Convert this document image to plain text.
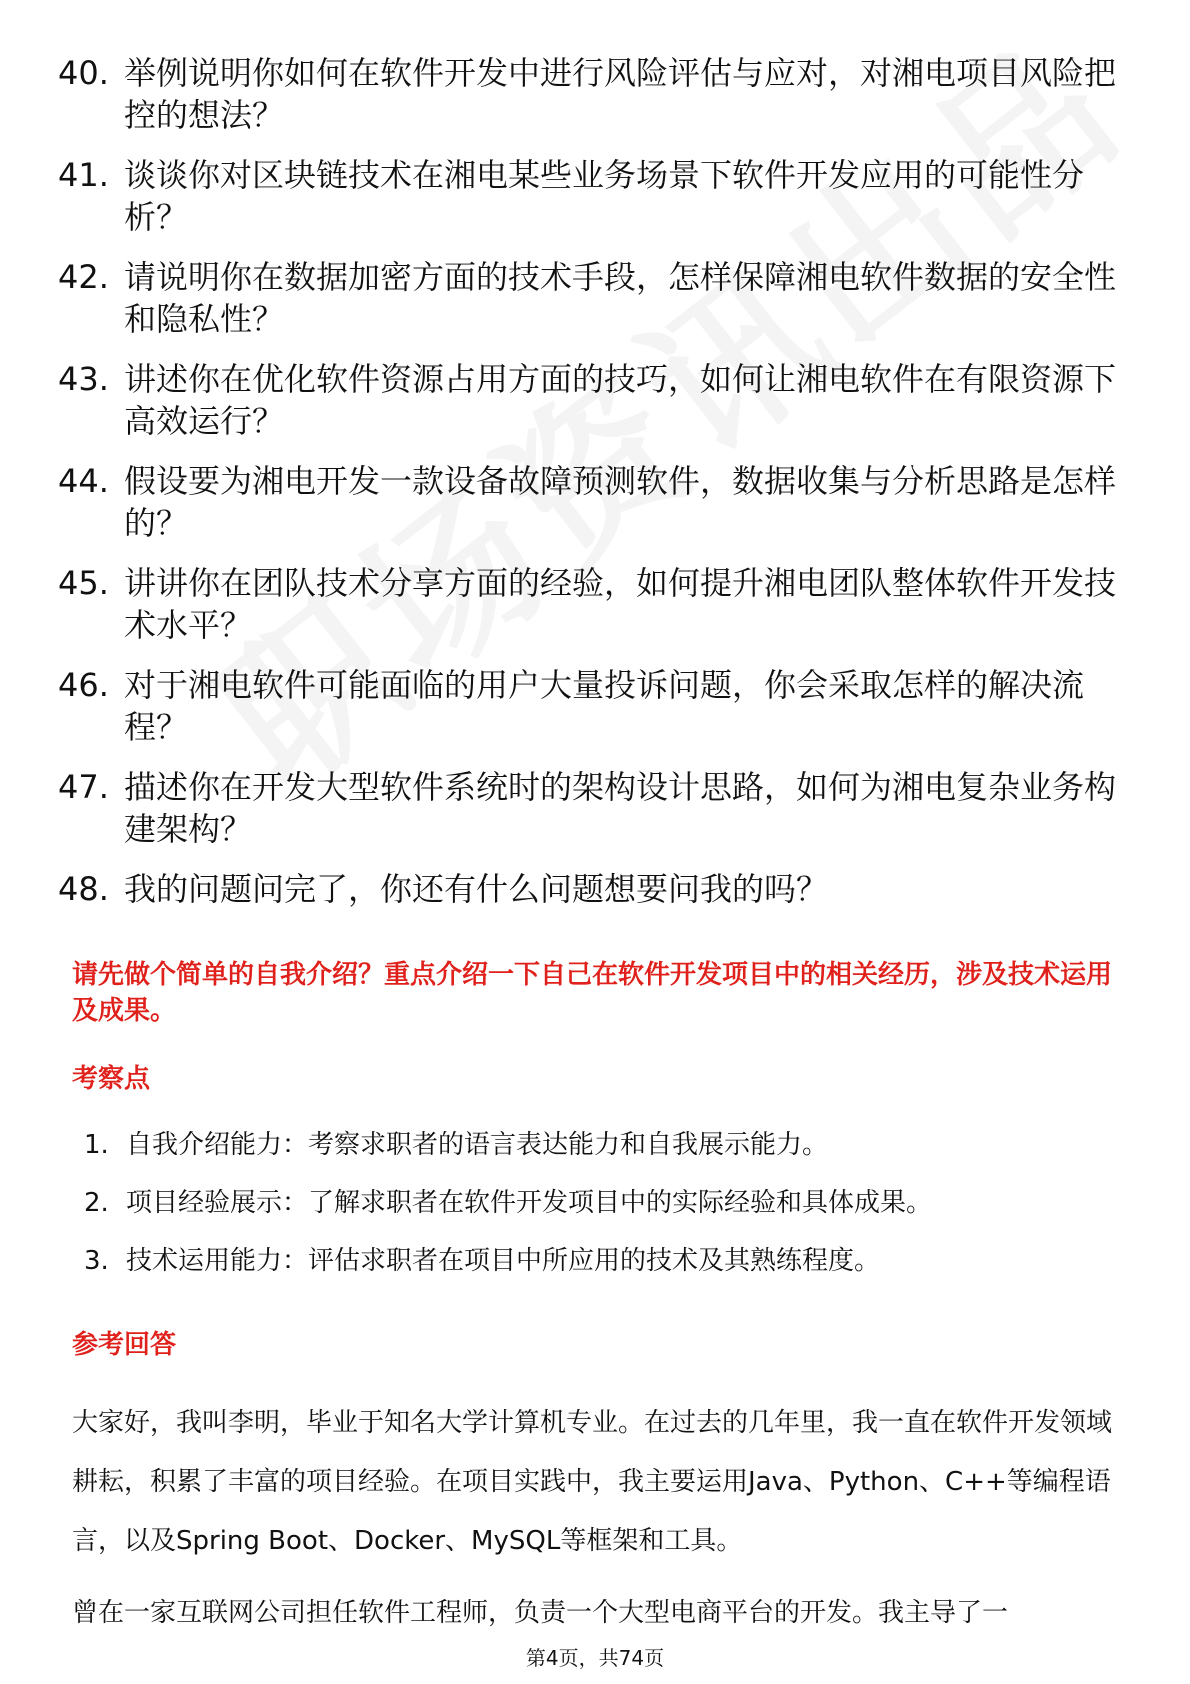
40. 举例说明你如何在软件开发中进行风险评估与应对，对湘电项目风险把控的想法？
41. 谈谈你对区块链技术在湘电某些业务场景下软件开发应用的可能性分析？
42. 请说明你在数据加密方面的技术手段，怎样保障湘电软件数据的安全性和隐私性？
43. 讲述你在优化软件资源占用方面的技巧，如何让湘电软件在有限资源下高效运行？
44. 假设要为湘电开发一款设备故障预测软件，数据收集与分析思路是怎样的？
45. 讲讲你在团队技术分享方面的经验，如何提升湘电团队整体软件开发技术水平？
46. 对于湘电软件可能面临的用户大量投诉问题，你会采取怎样的解决流程？
47. 描述你在开发大型软件系统时的架构设计思路，如何为湘电复杂业务构建架构？
48. 我的问题问完了，你还有什么问题想要问我的吗？
请先做个简单的自我介绍？重点介绍一下自己在软件开发项目中的相关经历，涉及技术运用及成果。
考察点
1. 自我介绍能力：考察求职者的语言表达能力和自我展示能力。
2. 项目经验展示：了解求职者在软件开发项目中的实际经验和具体成果。
3. 技术运用能力：评估求职者在项目中所应用的技术及其熟练程度。
参考回答

大家好，我叫李明，毕业于知名大学计算机专业。在过去的几年里，我一直在软件开发领域耕耘，积累了丰富的项目经验。在项目实践中，我主要运用Java、Python、C++等编程语言，以及Spring Boot、Docker、MySQL等框架和工具。

曾在一家互联网公司担任软件工程师，负责一个大型电商平台的开发。我主导了一

第4页，共74页
